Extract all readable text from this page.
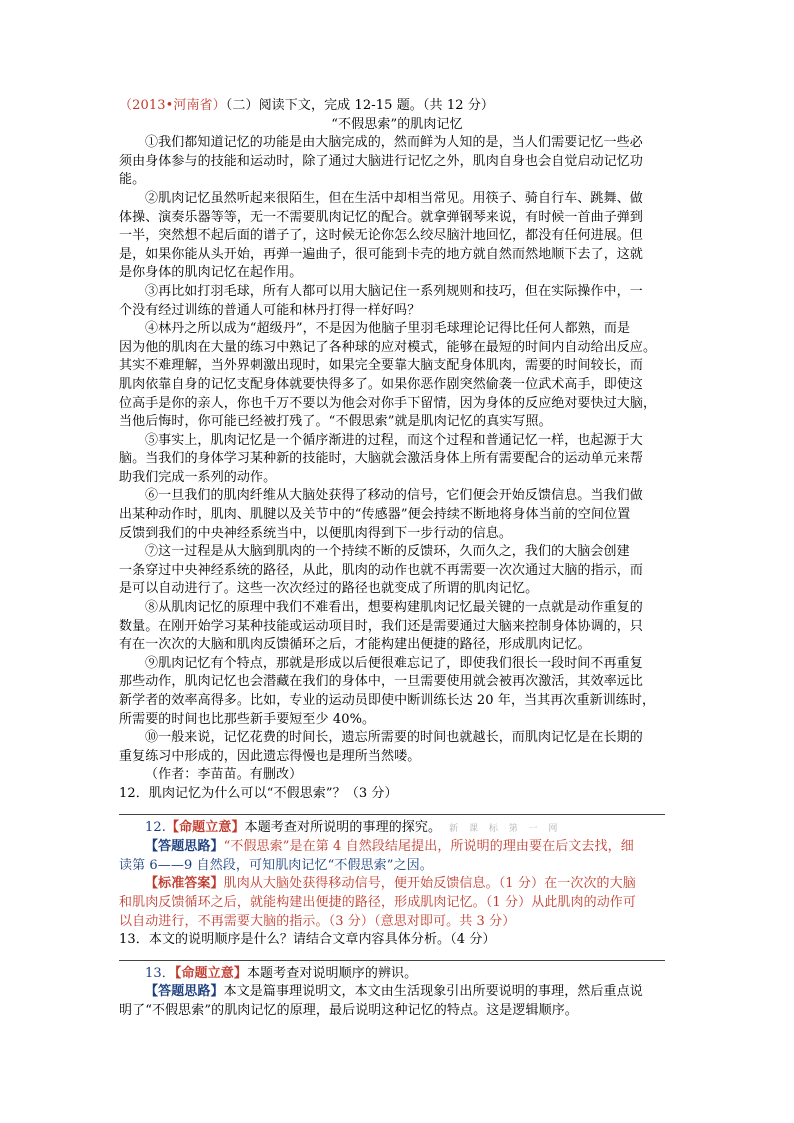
（2013•河南省）（二）阅读下文，完成 12-15 题。（共 12 分）
“不假思索”的肌肉记忆
①我们都知道记忆的功能是由大脑完成的，然而鲜为人知的是，当人们需要记忆一些必
须由身体参与的技能和运动时，除了通过大脑进行记忆之外，肌肉自身也会自觉启动记忆功
能。
②肌肉记忆虽然听起来很陌生，但在生活中却相当常见。用筷子、骑自行车、跳舞、做
体操、演奏乐器等等，无一不需要肌肉记忆的配合。就拿弹钢琴来说，有时候一首曲子弹到
一半，突然想不起后面的谱子了，这时候无论你怎么绞尽脑汁地回忆，都没有任何进展。但
是，如果你能从头开始，再弹一遍曲子，很可能到卡壳的地方就自然而然地顺下去了，这就
是你身体的肌肉记忆在起作用。
③再比如打羽毛球，所有人都可以用大脑记住一系列规则和技巧，但在实际操作中，一
个没有经过训练的普通人可能和林丹打得一样好吗？
④林丹之所以成为“超级丹”，不是因为他脑子里羽毛球理论记得比任何人都熟，而是
因为他的肌肉在大量的练习中熟记了各种球的应对模式，能够在最短的时间内自动给出反应。
其实不难理解，当外界刺激出现时，如果完全要靠大脑支配身体肌肉，需要的时间较长，而
肌肉依靠自身的记忆支配身体就要快得多了。如果你恶作剧突然偷袭一位武术高手，即使这
位高手是你的亲人，你也千万不要以为他会对你手下留情，因为身体的反应绝对要快过大脑，
当他后悔时，你可能已经被打残了。“不假思索”就是肌肉记忆的真实写照。
⑤事实上，肌肉记忆是一个循序渐进的过程，而这个过程和普通记忆一样，也起源于大
脑。当我们的身体学习某种新的技能时，大脑就会激活身体上所有需要配合的运动单元来帮
助我们完成一系列的动作。
⑥一旦我们的肌肉纤维从大脑处获得了移动的信号，它们便会开始反馈信息。当我们做
出某种动作时，肌肉、肌腱以及关节中的“传感器”便会持续不断地将身体当前的空间位置
反馈到我们的中央神经系统当中，以便肌肉得到下一步行动的信息。
⑦这一过程是从大脑到肌肉的一个持续不断的反馈环，久而久之，我们的大脑会创建
一条穿过中央神经系统的路径，从此，肌肉的动作也就不再需要一次次通过大脑的指示，而
是可以自动进行了。这些一次次经过的路径也就变成了所谓的肌肉记忆。
⑧从肌肉记忆的原理中我们不难看出，想要构建肌肉记忆最关键的一点就是动作重复的
数量。在刚开始学习某种技能或运动项目时，我们还是需要通过大脑来控制身体协调的，只
有在一次次的大脑和肌肉反馈循环之后，才能构建出便捷的路径，形成肌肉记忆。
⑨肌肉记忆有个特点，那就是形成以后便很难忘记了，即使我们很长一段时间不再重复
那些动作，肌肉记忆也会潜藏在我们的身体中，一旦需要使用就会被再次激活，其效率远比
新学者的效率高得多。比如，专业的运动员即使中断训练长达 20 年，当其再次重新训练时，
所需要的时间也比那些新手要短至少 40%。
⑩一般来说，记忆花费的时间长，遗忘所需要的时间也就越长，而肌肉记忆是在长期的
重复练习中形成的，因此遗忘得慢也是理所当然喽。
（作者：李苗苗。有删改）
12．肌肉记忆为什么可以“不假思索”？（3 分）
12.【命题立意】本题考查对所说明的事理的探究。 新 课 标 第 一 网
【答题思路】“不假思索”是在第 4 自然段结尾提出，所说明的理由要在后文去找，细
读第 6——9 自然段，可知肌肉记忆“不假思索”之因。
【标准答案】肌肉从大脑处获得移动信号，便开始反馈信息。（1 分）在一次次的大脑
和肌肉反馈循环之后，就能构建出便捷的路径，形成肌肉记忆。（1 分）从此肌肉的动作可
以自动进行，不再需要大脑的指示。（3 分）（意思对即可。共 3 分）
13．本文的说明顺序是什么？请结合文章内容具体分析。（4 分）
13．【命题立意】本题考查对说明顺序的辨识。
【答题思路】本文是篇事理说明文，本文由生活现象引出所要说明的事理，然后重点说
明了“不假思索”的肌肉记忆的原理，最后说明这种记忆的特点。这是逻辑顺序。
